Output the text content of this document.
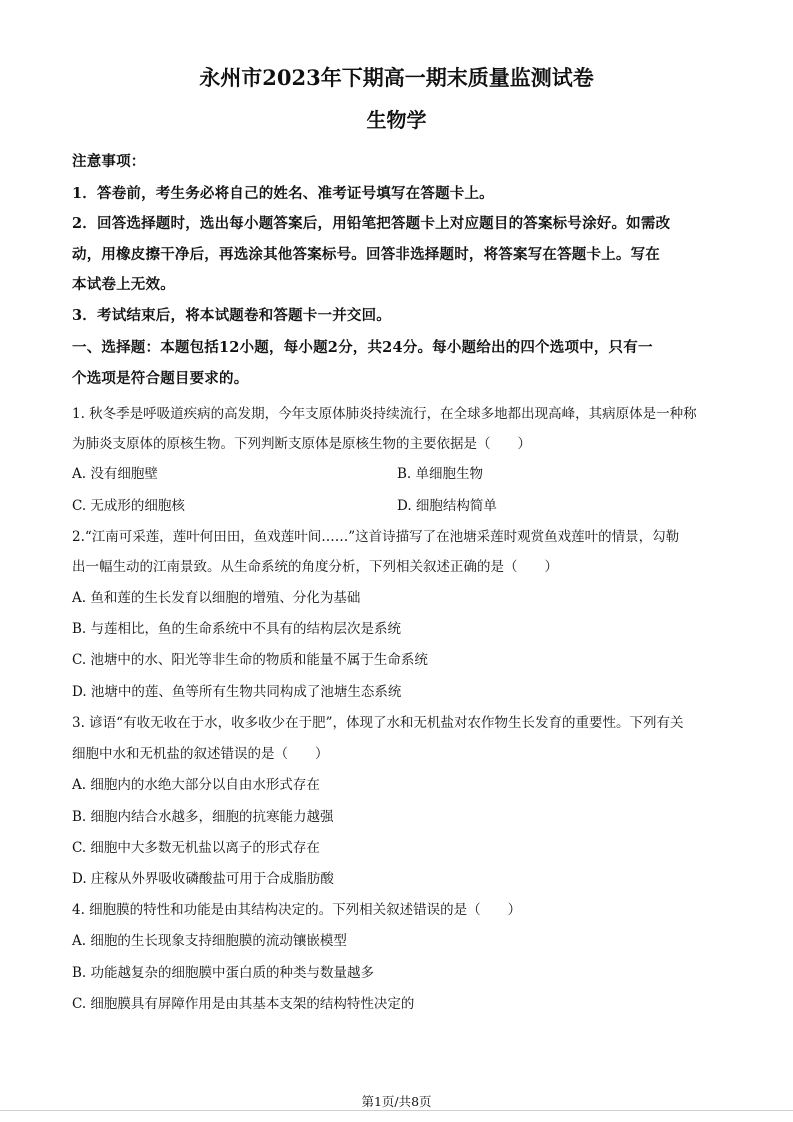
永州市2023年下期高一期末质量监测试卷
生物学
注意事项：
1．答卷前，考生务必将自己的姓名、准考证号填写在答题卡上。
2．回答选择题时，选出每小题答案后，用铅笔把答题卡上对应题目的答案标号涂好。如需改
动，用橡皮擦干净后，再选涂其他答案标号。回答非选择题时，将答案写在答题卡上。写在
本试卷上无效。
3．考试结束后，将本试题卷和答题卡一并交回。
一、选择题：本题包括12小题，每小题2分，共24分。每小题给出的四个选项中，只有一
个选项是符合题目要求的。
1. 秋冬季是呼吸道疾病的高发期，今年支原体肺炎持续流行，在全球多地都出现高峰，其病原体是一种称
为肺炎支原体的原核生物。下列判断支原体是原核生物的主要依据是（　　）
A. 没有细胞壁	B. 单细胞生物
C. 无成形的细胞核	D. 细胞结构简单
2.“江南可采莲，莲叶何田田，鱼戏莲叶间……”这首诗描写了在池塘采莲时观赏鱼戏莲叶的情景，勾勒
出一幅生动的江南景致。从生命系统的角度分析，下列相关叙述正确的是（　　）
A. 鱼和莲的生长发育以细胞的增殖、分化为基础
B. 与莲相比，鱼的生命系统中不具有的结构层次是系统
C. 池塘中的水、阳光等非生命的物质和能量不属于生命系统
D. 池塘中的莲、鱼等所有生物共同构成了池塘生态系统
3. 谚语“有收无收在于水，收多收少在于肥”，体现了水和无机盐对农作物生长发育的重要性。下列有关
细胞中水和无机盐的叙述错误的是（　　）
A. 细胞内的水绝大部分以自由水形式存在
B. 细胞内结合水越多，细胞的抗寒能力越强
C. 细胞中大多数无机盐以离子的形式存在
D. 庄稼从外界吸收磷酸盐可用于合成脂肪酸
4. 细胞膜的特性和功能是由其结构决定的。下列相关叙述错误的是（　　）
A. 细胞的生长现象支持细胞膜的流动镶嵌模型
B. 功能越复杂的细胞膜中蛋白质的种类与数量越多
C. 细胞膜具有屏障作用是由其基本支架的结构特性决定的
第1页/共8页
